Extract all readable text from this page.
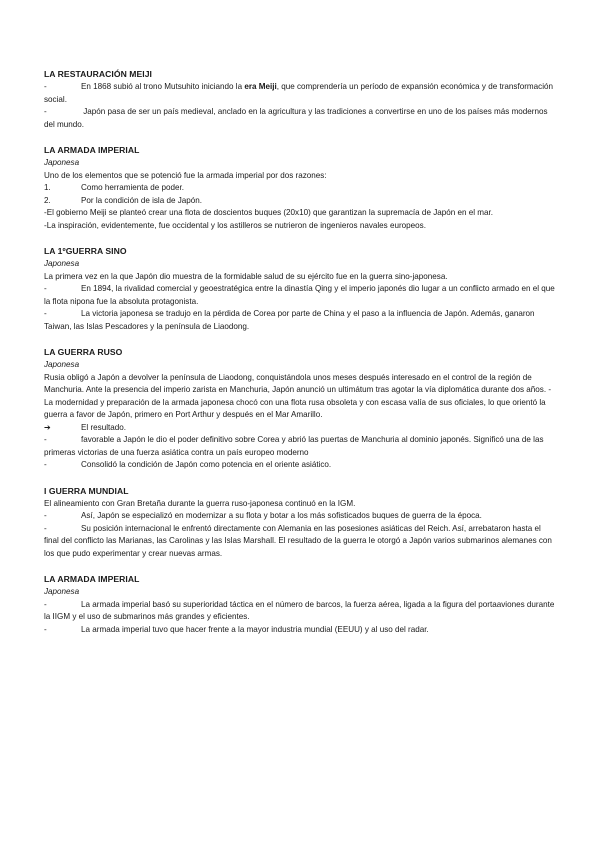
LA RESTAURACIÓN MEIJI
-	En 1868 subió al trono Mutsuhito iniciando la era Meiji, que comprendería un período de expansión económica y de transformación social.
-	Japón pasa de ser un país medieval, anclado en la agricultura y las tradiciones a convertirse en uno de los países más modernos del mundo.
LA ARMADA IMPERIAL

Japonesa

Uno de los elementos que se potenció fue la armada imperial por dos razones:

1.	Como herramienta de poder.
2.	Por la condición de isla de Japón.

-El gobierno Meiji se planteó crear una flota de doscientos buques (20x10) que garantizan la supremacía de Japón en el mar.

-La inspiración, evidentemente, fue occidental y los astilleros se nutrieron de ingenieros navales europeos.

LA 1ºGUERRA SINO

Japonesa

La primera vez en la que Japón dio muestra de la formidable salud de su ejército fue en la guerra sino-japonesa.

-	En 1894, la rivalidad comercial y geoestratégica entre la dinastía Qing y el imperio japonés dio lugar a un conflicto armado en el que la flota nipona fue la absoluta protagonista.
-	La victoria japonesa se tradujo en la pérdida de Corea por parte de China y el paso a la influencia de Japón. Además, ganaron Taiwan, las Islas Pescadores y la península de Liaodong.
LA GUERRA RUSO

Japonesa

Rusia obligó a Japón a devolver la península de Liaodong, conquistándola unos meses después interesado en el control de la región de Manchuria. Ante la presencia del imperio zarista en Manchuria, Japón anunció un ultimátum tras agotar la vía diplomática durante dos años. -La modernidad y preparación de la armada japonesa chocó con una flota rusa obsoleta y con escasa valía de sus oficiales, lo que orientó la guerra a favor de Japón, primero en Port Arthur y después en el Mar Amarillo.

➔	El resultado.
-	favorable a Japón le dio el poder definitivo sobre Corea y abrió las puertas de Manchuria al dominio japonés. Significó una de las primeras victorias de una fuerza asiática contra un país europeo moderno
-	Consolidó la condición de Japón como potencia en el oriente asiático.
I GUERRA MUNDIAL

El alineamiento con Gran Bretaña durante la guerra ruso-japonesa continuó en la IGM.

-	Así, Japón se especializó en modernizar a su flota y botar a los más sofisticados buques de guerra de la época.
-	Su posición internacional le enfrentó directamente con Alemania en las posesiones asiáticas del Reich. Así, arrebataron hasta el final del conflicto las Marianas, las Carolinas y las Islas Marshall. El resultado de la guerra le otorgó a Japón varios submarinos alemanes con los que pudo experimentar y crear nuevas armas.
LA ARMADA IMPERIAL

Japonesa

-	La armada imperial basó su superioridad táctica en el número de barcos, la fuerza aérea, ligada a la figura del portaaviones durante la IIGM y el uso de submarinos más grandes y eficientes.
-	La armada imperial tuvo que hacer frente a la mayor industria mundial (EEUU) y al uso del radar.
